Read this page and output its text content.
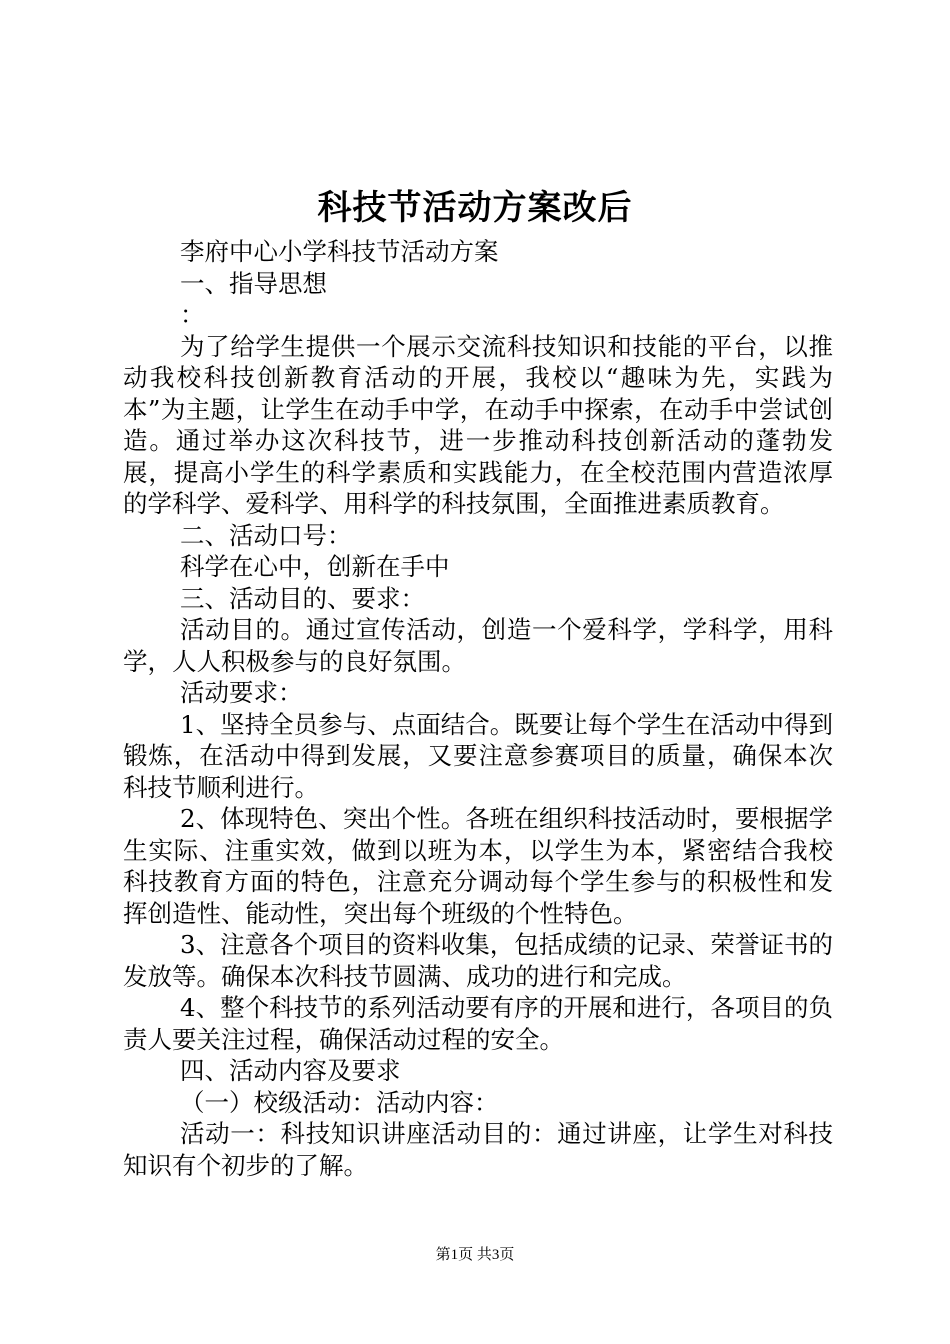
科技节活动方案改后

李府中心小学科技节活动方案

一、指导思想

：

为了给学生提供一个展示交流科技知识和技能的平台，以推动我校科技创新教育活动的开展，我校以“趣味为先，实践为本”为主题，让学生在动手中学，在动手中探索，在动手中尝试创造。通过举办这次科技节，进一步推动科技创新活动的蓬勃发展，提高小学生的科学素质和实践能力，在全校范围内营造浓厚的学科学、爱科学、用科学的科技氛围，全面推进素质教育。

二、活动口号：

科学在心中，创新在手中

三、活动目的、要求：

活动目的。通过宣传活动，创造一个爱科学，学科学，用科学，人人积极参与的良好氛围。

活动要求：

1、坚持全员参与、点面结合。既要让每个学生在活动中得到锻炼，在活动中得到发展，又要注意参赛项目的质量，确保本次科技节顺利进行。

2、体现特色、突出个性。各班在组织科技活动时，要根据学生实际、注重实效，做到以班为本，以学生为本，紧密结合我校科技教育方面的特色，注意充分调动每个学生参与的积极性和发挥创造性、能动性，突出每个班级的个性特色。

3、注意各个项目的资料收集，包括成绩的记录、荣誉证书的发放等。确保本次科技节圆满、成功的进行和完成。

4、整个科技节的系列活动要有序的开展和进行，各项目的负责人要关注过程，确保活动过程的安全。

四、活动内容及要求

（一）校级活动：活动内容：

活动一：科技知识讲座活动目的：通过讲座，让学生对科技知识有个初步的了解。

第1页 共3页
